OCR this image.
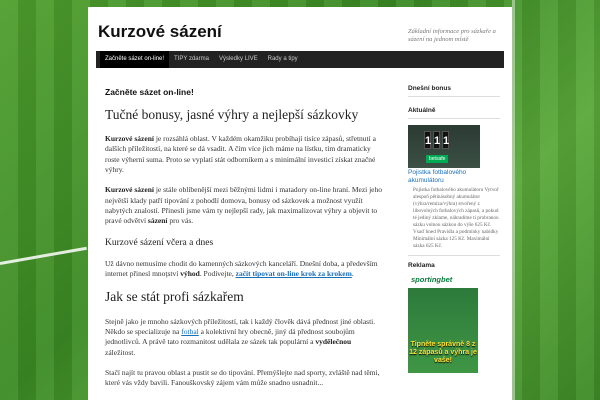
Kurzové sázení	Základní informace pro sázkaře a sázení na jednom místě
Začněte sázet on-line!	TIPY zdarma	Výsledky LIVE	Rady a tipy
Začněte sázet on-line!
Tučné bonusy, jasné výhry a nejlepší sázkovky

Kurzové sázení je rozsáhlá oblast. V každém okamžiku probíhají tisíce zápasů, střetnutí a dalších příležitostí, na které se dá vsadit. A čím více jich máme na lístku, tím dramaticky roste výherní suma. Proto se vyplatí stát odborníkem a s minimální investicí získat značné výhry.

Kurzové sázení je stále oblíbenější mezi běžnými lidmi i matadory on-line hraní. Mezi jeho největší klady patří tipování z pohodlí domova, bonusy od sázkovek a možnost využít nabytých znalostí. Přinesli jsme vám ty nejlepší rady, jak maximalizovat výhry a objevit to pravé odvětví sázení pro vás.

Kurzové sázení včera a dnes

Už dávno nemusíme chodit do kamenných sázkových kanceláří. Dnešní doba, a především internet přinesl mnoţství výhod. Podívejte, začít tipovat on-line krok za krokem.

Jak se stát profi sázkařem

Stejně jako je mnoho sázkových příležitostí, tak i každý člověk dává přednost jiné oblasti. Někdo se specializuje na fotbal a kolektivní hry obecně, jiný dá přednost soubojům jednotlivců. A právě tato rozmanitost udělala ze sázek tak populární a vydělečnou záležitost.

Stačí najít tu pravou oblast a pustit se do tipování. Přemýšlejte nad sporty, zvláště nad těmi, které vás vždy bavili. Fanouškovský zájem vám může snadno usnadnit...

Dnešní bonus
Aktuálně
1 1 1
betsafe
Pojistka fotbalového akumulátoru
Pojistka fotbalového akumulátoru Vytvoř alespoň pětinásobný akumulátor (výhra/remíza/výhra) stvořený z libovolných fotbalových zápasů, a pokud té jediný zklame, náhradíme ti probranou sázku volnou sázkou do výše 625 Kč. Vsaď hned Pravidla a podmínky nabídky Minimální sázka 125 Kč. Maximální sázka 625 Kč.
Reklama
sportingbet
Tipněte správně 8 z 12 zápasů a výhra je vaše!
